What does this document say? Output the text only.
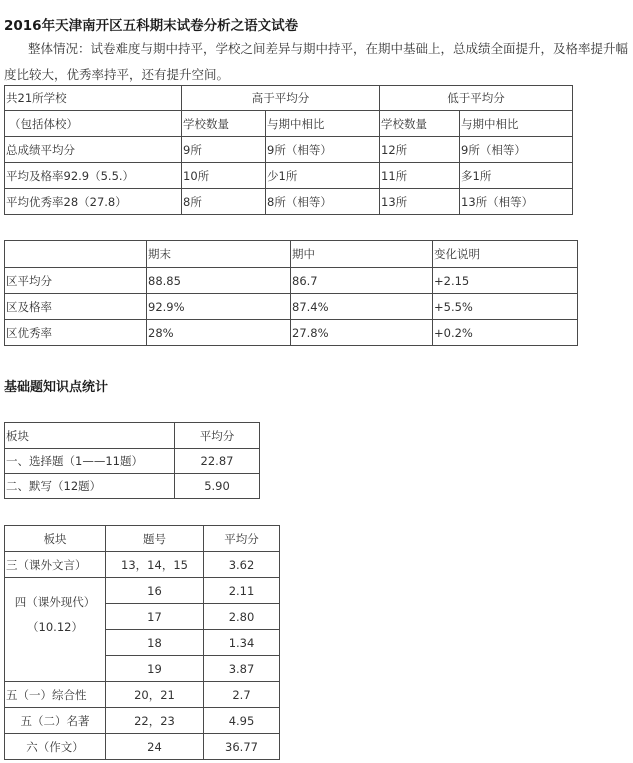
2016年天津南开区五科期末试卷分析之语文试卷

整体情况：试卷难度与期中持平，学校之间差异与期中持平，在期中基础上，总成绩全面提升，及格率提升幅度比较大，优秀率持平，还有提升空间。

共21所学校	高于平均分		低于平均分	
（包括体校）	学校数量	与期中相比	学校数量	与期中相比
总成绩平均分	9所	9所（相等）	12所	9所（相等）
平均及格率92.9（5.5.）	10所	少1所	11所	多1所
平均优秀率28（27.8）	8所	8所（相等）	13所	13所（相等）
	期末	期中	变化说明
区平均分	88.85	86.7	+2.15
区及格率	92.9%	87.4%	+5.5%
区优秀率	28%	27.8%	+0.2%
基础题知识点统计
板块	平均分
一、选择题（1——11题）	22.87
二、默写（12题）	5.90
板块	题号	平均分
三（课外文言）	13，14，15	3.62

四（课外现代）
（10.12）	16	2.11
	17	2.80
	18	1.34
	19	3.87
五（一）综合性	20，21	2.7
五（二）名著	22，23	4.95
六（作文）	24	36.77
